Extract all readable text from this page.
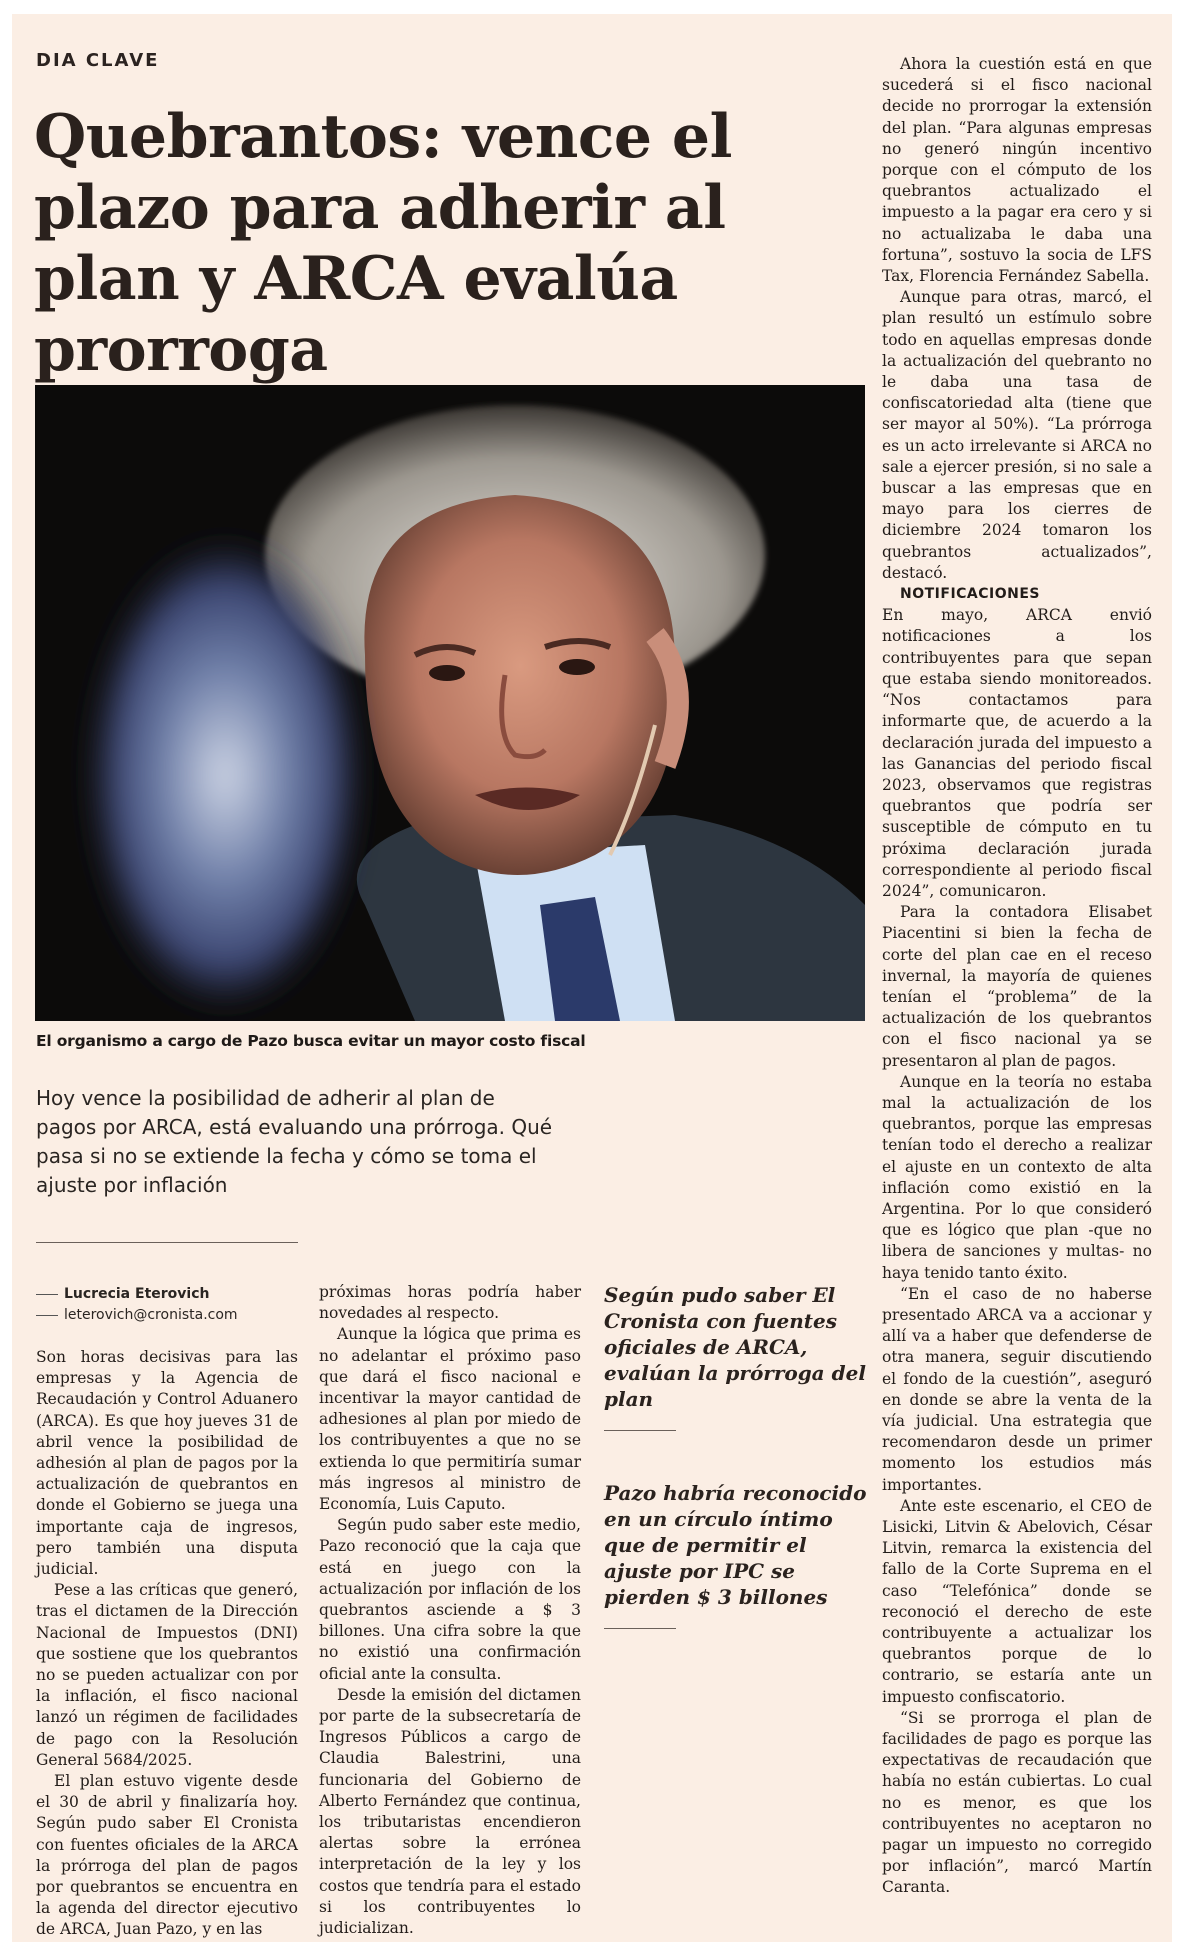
DIA CLAVE
Quebrantos: vence el plazo para adherir al plan y ARCA evalúa prorroga
El organismo a cargo de Pazo busca evitar un mayor costo fiscal
Hoy vence la posibilidad de adherir al plan de pagos por ARCA, está evaluando una prórroga. Qué pasa si no se extiende la fecha y cómo se toma el ajuste por inflación
Lucrecia Eterovich
leterovich@cronista.com

Son horas decisivas para las empresas y la Agencia de Recaudación y Control Aduanero (ARCA). Es que hoy jueves 31 de abril vence la posibilidad de adhesión al plan de pagos por la actualización de quebrantos en donde el Gobierno se juega una importante caja de ingresos, pero también una disputa judicial.

Pese a las críticas que generó, tras el dictamen de la Dirección Nacional de Impuestos (DNI) que sostiene que los quebrantos no se pueden actualizar con por la inflación, el fisco nacional lanzó un régimen de facilidades de pago con la Resolución General 5684/2025.

El plan estuvo vigente desde el 30 de abril y finalizaría hoy. Según pudo saber El Cronista con fuentes oficiales de la ARCA la prórroga del plan de pagos por quebrantos se encuentra en la agenda del director ejecutivo de ARCA, Juan Pazo, y en las

próximas horas podría haber novedades al respecto.

Aunque la lógica que prima es no adelantar el próximo paso que dará el fisco nacional e incentivar la mayor cantidad de adhesiones al plan por miedo de los contribuyentes a que no se extienda lo que permitiría sumar más ingresos al ministro de Economía, Luis Caputo.

Según pudo saber este medio, Pazo reconoció que la caja que está en juego con la actualización por inflación de los quebrantos asciende a $ 3 billones. Una cifra sobre la que no existió una confirmación oficial ante la consulta.

Desde la emisión del dictamen por parte de la subsecretaría de Ingresos Públicos a cargo de Claudia Balestrini, una funcionaria del Gobierno de Alberto Fernández que continua, los tributaristas encendieron alertas sobre la errónea interpretación de la ley y los costos que tendría para el estado si los contribuyentes lo judicializan.

Según pudo saber El Cronista con fuentes oficiales de ARCA, evalúan la prórroga del plan
Pazo habría reconocido en un círculo íntimo que de permitir el ajuste por IPC se pierden $ 3 billones

Ahora la cuestión está en que sucederá si el fisco nacional decide no prorrogar la extensión del plan. “Para algunas empresas no generó ningún incentivo porque con el cómputo de los quebrantos actualizado el impuesto a la pagar era cero y si no actualizaba le daba una fortuna”, sostuvo la socia de LFS Tax, Florencia Fernández Sabella.

Aunque para otras, marcó, el plan resultó un estímulo sobre todo en aquellas empresas donde la actualización del quebranto no le daba una tasa de confiscatoriedad alta (tiene que ser mayor al 50%). “La prórroga es un acto irrelevante si ARCA no sale a ejercer presión, si no sale a buscar a las empresas que en mayo para los cierres de diciembre 2024 tomaron los quebrantos actualizados”, destacó.

NOTIFICACIONES

En mayo, ARCA envió notificaciones a los contribuyentes para que sepan que estaba siendo monitoreados. “Nos contactamos para informarte que, de acuerdo a la declaración jurada del impuesto a las Ganancias del periodo fiscal 2023, observamos que registras quebrantos que podría ser susceptible de cómputo en tu próxima declaración jurada correspondiente al periodo fiscal 2024”, comunicaron.

Para la contadora Elisabet Piacentini si bien la fecha de corte del plan cae en el receso invernal, la mayoría de quienes tenían el “problema” de la actualización de los quebrantos con el fisco nacional ya se presentaron al plan de pagos.

Aunque en la teoría no estaba mal la actualización de los quebrantos, porque las empresas tenían todo el derecho a realizar el ajuste en un contexto de alta inflación como existió en la Argentina. Por lo que consideró que es lógico que plan -que no libera de sanciones y multas- no haya tenido tanto éxito.

“En el caso de no haberse presentado ARCA va a accionar y allí va a haber que defenderse de otra manera, seguir discutiendo el fondo de la cuestión”, aseguró en donde se abre la venta de la vía judicial. Una estrategia que recomendaron desde un primer momento los estudios más importantes.

Ante este escenario, el CEO de Lisicki, Litvin & Abelovich, César Litvin, remarca la existencia del fallo de la Corte Suprema en el caso “Telefónica” donde se reconoció el derecho de este contribuyente a actualizar los quebrantos porque de lo contrario, se estaría ante un impuesto confiscatorio.

“Si se prorroga el plan de facilidades de pago es porque las expectativas de recaudación que había no están cubiertas. Lo cual no es menor, es que los contribuyentes no aceptaron no pagar un impuesto no corregido por inflación”, marcó Martín Caranta.
